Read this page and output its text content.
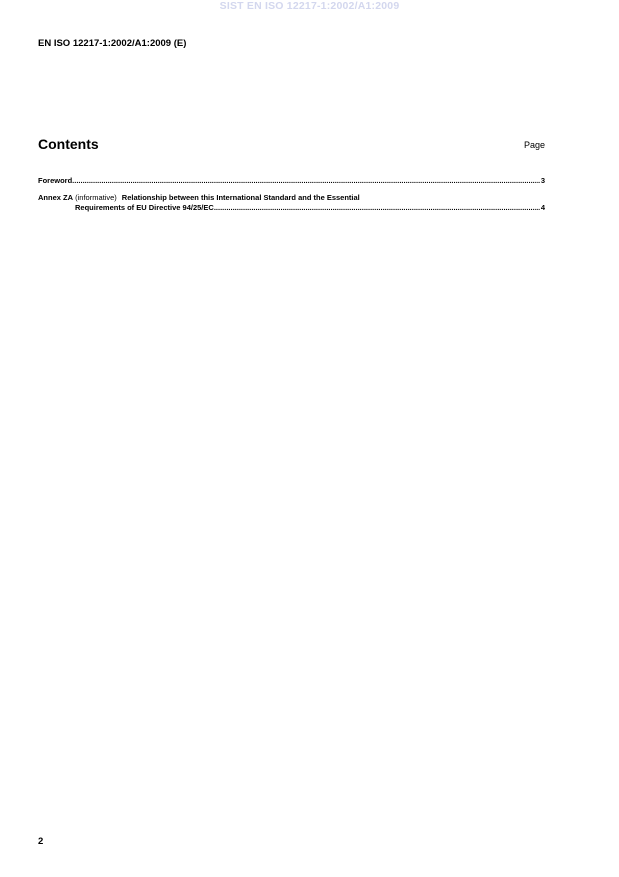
SIST EN ISO 12217-1:2002/A1:2009
EN ISO 12217-1:2002/A1:2009 (E)
Contents	Page
Foreword .....	3
Annex ZA (informative) Relationship between this International Standard and the Essential
Requirements of EU Directive 94/25/EC .....	4
2
